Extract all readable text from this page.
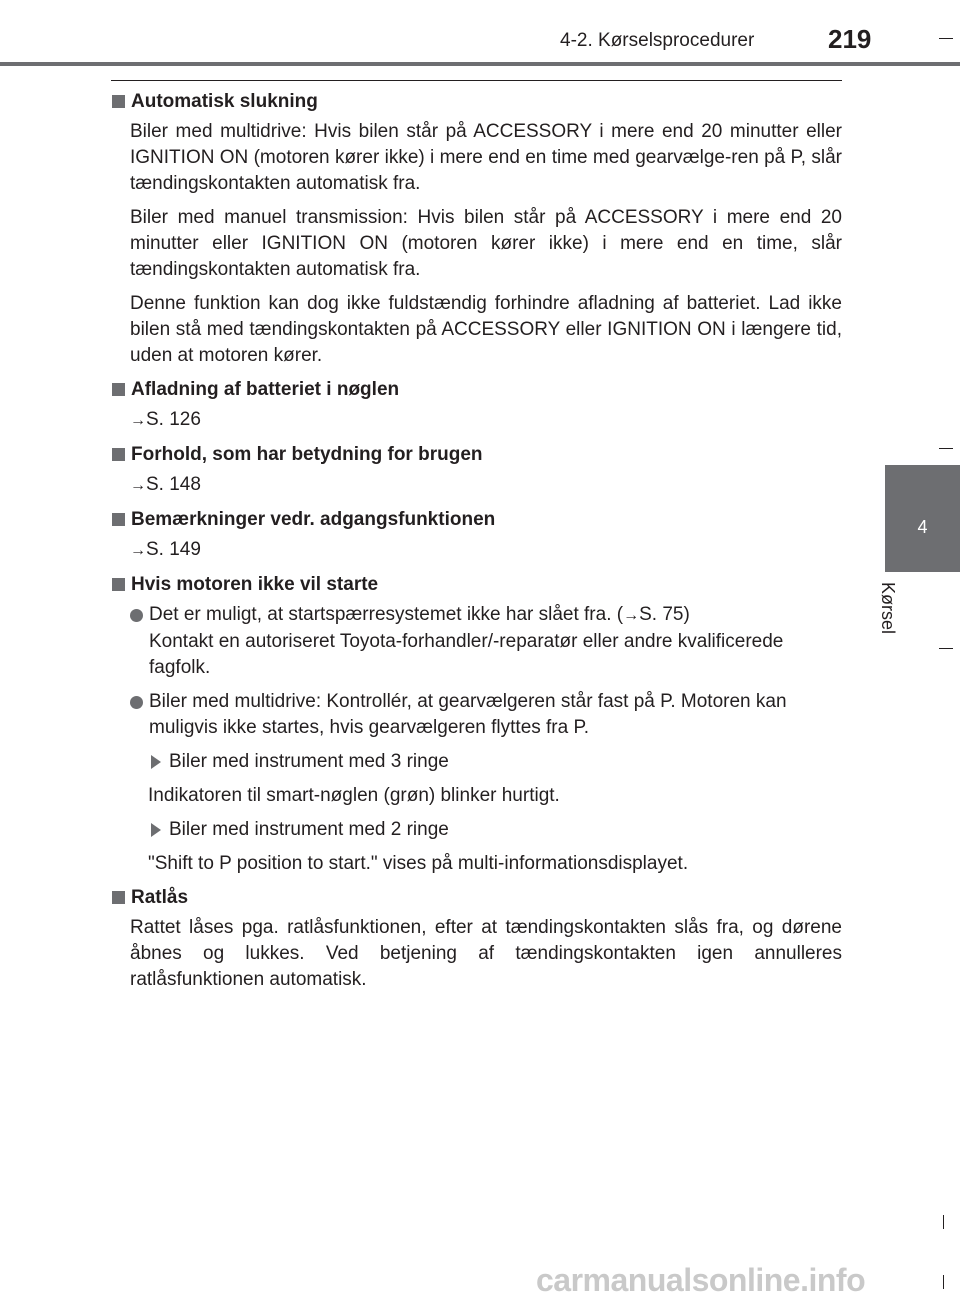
4-2. Kørselsprocedurer	219
4
Kørsel
Automatisk slukning

Biler med multidrive: Hvis bilen står på ACCESSORY i mere end 20 minutter eller IGNITION ON (motoren kører ikke) i mere end en time med gearvælge-ren på P, slår tændingskontakten automatisk fra.

Biler med manuel transmission: Hvis bilen står på ACCESSORY i mere end 20 minutter eller IGNITION ON (motoren kører ikke) i mere end en time, slår tændingskontakten automatisk fra.

Denne funktion kan dog ikke fuldstændig forhindre afladning af batteriet. Lad ikke bilen stå med tændingskontakten på ACCESSORY eller IGNITION ON i længere tid, uden at motoren kører.

Afladning af batteriet i nøglen

→S. 126

Forhold, som har betydning for brugen

→S. 148

Bemærkninger vedr. adgangsfunktionen

→S. 149

Hvis motoren ikke vil starte
Det er muligt, at startspærresystemet ikke har slået fra. (→S. 75)
Kontakt en autoriseret Toyota-forhandler/-reparatør eller andre kvalificerede fagfolk.
Biler med multidrive: Kontrollér, at gearvælgeren står fast på P. Motoren kan muligvis ikke startes, hvis gearvælgeren flyttes fra P.
Biler med instrument med 3 ringe

Indikatoren til smart-nøglen (grøn) blinker hurtigt.

Biler med instrument med 2 ringe

"Shift to P position to start." vises på multi-informationsdisplayet.

Ratlås

Rattet låses pga. ratlåsfunktionen, efter at tændingskontakten slås fra, og dørene åbnes og lukkes. Ved betjening af tændingskontakten igen annulleres ratlåsfunktionen automatisk.

carmanualsonline.info
